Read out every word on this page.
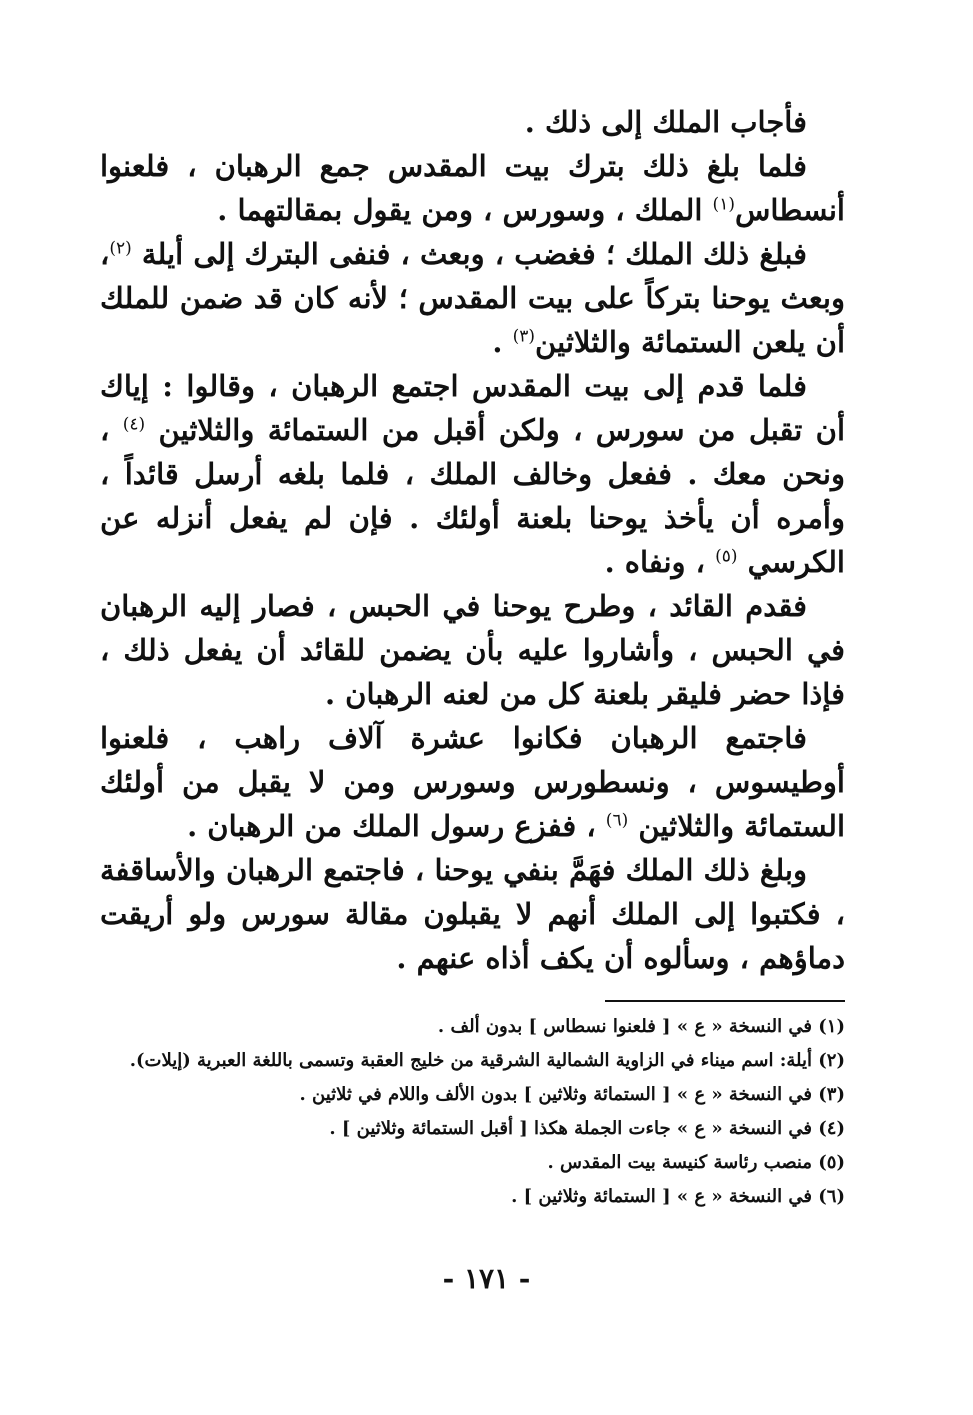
فأجاب الملك إلى ذلك .

فلما بلغ ذلك بترك بيت المقدس جمع الرهبان ، فلعنوا أنسطاس$^{(١)}$ الملك ، وسورس ، ومن يقول بمقالتهما .

فبلغ ذلك الملك ؛ فغضب ، وبعث ، فنفى البترك إلى أيلة $^{(٢)}$، وبعث يوحنا بتركاً على بيت المقدس ؛ لأنه كان قد ضمن للملك أن يلعن الستمائة والثلاثين$^{(٣)}$ .

فلما قدم إلى بيت المقدس اجتمع الرهبان ، وقالوا : إياك أن تقبل من سورس ، ولكن أقبل من الستمائة والثلاثين $^{(٤)}$ ، ونحن معك . ففعل وخالف الملك ، فلما بلغه أرسل قائداً ، وأمره أن يأخذ يوحنا بلعنة أولئك . فإن لم يفعل أنزله عن الكرسي $^{(٥)}$ ، ونفاه .

فقدم القائد ، وطرح يوحنا في الحبس ، فصار إليه الرهبان في الحبس ، وأشاروا عليه بأن يضمن للقائد أن يفعل ذلك ، فإذا حضر فليقر بلعنة كل من لعنه الرهبان .

فاجتمع الرهبان فكانوا عشرة آلاف راهب ، فلعنوا أوطيسوس ، ونسطورس وسورس ومن لا يقبل من أولئك الستمائة والثلاثين $^{(٦)}$ ، ففزع رسول الملك من الرهبان .

وبلغ ذلك الملك فهَمَّ بنفي يوحنا ، فاجتمع الرهبان والأساقفة ، فكتبوا إلى الملك أنهم لا يقبلون مقالة سورس ولو أريقت دماؤهم ، وسألوه أن يكف أذاه عنهم .

(١) في النسخة « ع » [ فلعنوا نسطاس ] بدون ألف .

(٢) أيلة: اسم ميناء في الزاوية الشمالية الشرقية من خليج العقبة وتسمى باللغة العبرية (إيلات).

(٣) في النسخة « ع » [ الستمائة وثلاثين ] بدون الألف واللام في ثلاثين .

(٤) في النسخة « ع » جاءت الجملة هكذا [ أقبل الستمائة وثلاثين ] .

(٥) منصب رئاسة كنيسة بيت المقدس .

(٦) في النسخة « ع » [ الستمائة وثلاثين ] .

- ١٧١ -
